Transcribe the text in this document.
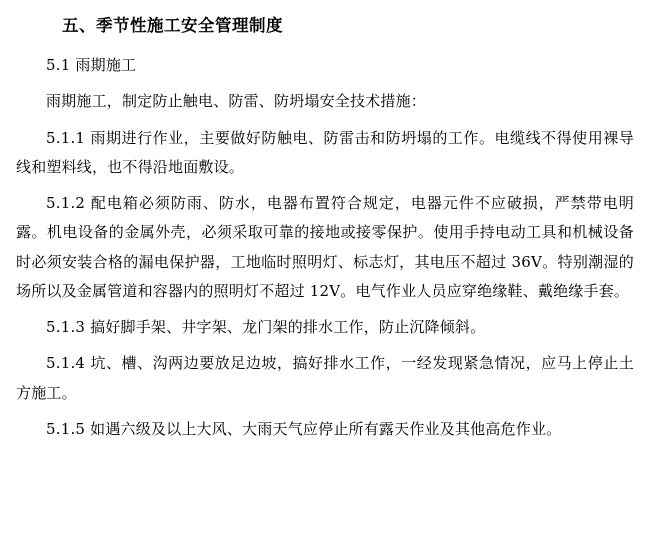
五、季节性施工安全管理制度

5.1 雨期施工

雨期施工，制定防止触电、防雷、防坍塌安全技术措施：

5.1.1 雨期进行作业，主要做好防触电、防雷击和防坍塌的工作。电缆线不得使用裸导线和塑料线，也不得沿地面敷设。

5.1.2 配电箱必须防雨、防水，电器布置符合规定，电器元件不应破损，严禁带电明露。机电设备的金属外壳，必须采取可靠的接地或接零保护。使用手持电动工具和机械设备时必须安装合格的漏电保护器，工地临时照明灯、标志灯，其电压不超过 36V。特别潮湿的场所以及金属管道和容器内的照明灯不超过 12V。电气作业人员应穿绝缘鞋、戴绝缘手套。

5.1.3 搞好脚手架、井字架、龙门架的排水工作，防止沉降倾斜。

5.1.4 坑、槽、沟两边要放足边坡，搞好排水工作，一经发现紧急情况，应马上停止土方施工。

5.1.5 如遇六级及以上大风、大雨天气应停止所有露天作业及其他高危作业。
